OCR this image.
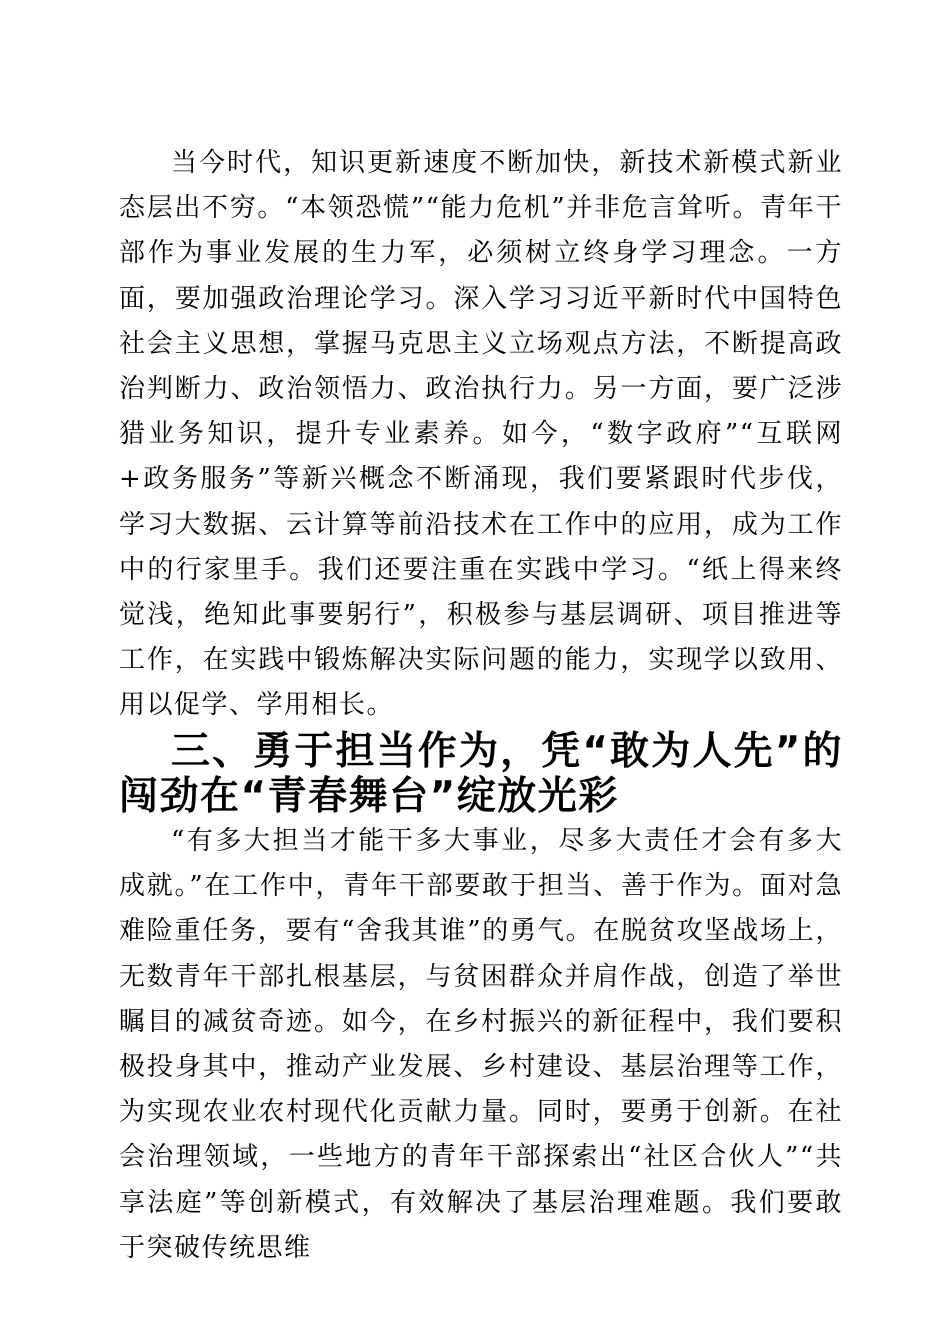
当今时代，知识更新速度不断加快，新技术新模式新业态层出不穷。“本领恐慌”“能力危机”并非危言耸听。青年干部作为事业发展的生力军，必须树立终身学习理念。一方面，要加强政治理论学习。深入学习习近平新时代中国特色社会主义思想，掌握马克思主义立场观点方法，不断提高政治判断力、政治领悟力、政治执行力。另一方面，要广泛涉猎业务知识，提升专业素养。如今，“数字政府”“互联网+政务服务”等新兴概念不断涌现，我们要紧跟时代步伐，学习大数据、云计算等前沿技术在工作中的应用，成为工作中的行家里手。我们还要注重在实践中学习。“纸上得来终觉浅，绝知此事要躬行”，积极参与基层调研、项目推进等工作，在实践中锻炼解决实际问题的能力，实现学以致用、用以促学、学用相长。

三、勇于担当作为，凭“敢为人先”的闯劲在“青春舞台”绽放光彩

“有多大担当才能干多大事业，尽多大责任才会有多大成就。”在工作中，青年干部要敢于担当、善于作为。面对急难险重任务，要有“舍我其谁”的勇气。在脱贫攻坚战场上，无数青年干部扎根基层，与贫困群众并肩作战，创造了举世瞩目的减贫奇迹。如今，在乡村振兴的新征程中，我们要积极投身其中，推动产业发展、乡村建设、基层治理等工作，为实现农业农村现代化贡献力量。同时，要勇于创新。在社会治理领域，一些地方的青年干部探索出“社区合伙人”“共享法庭”等创新模式，有效解决了基层治理难题。我们要敢于突破传统思维
